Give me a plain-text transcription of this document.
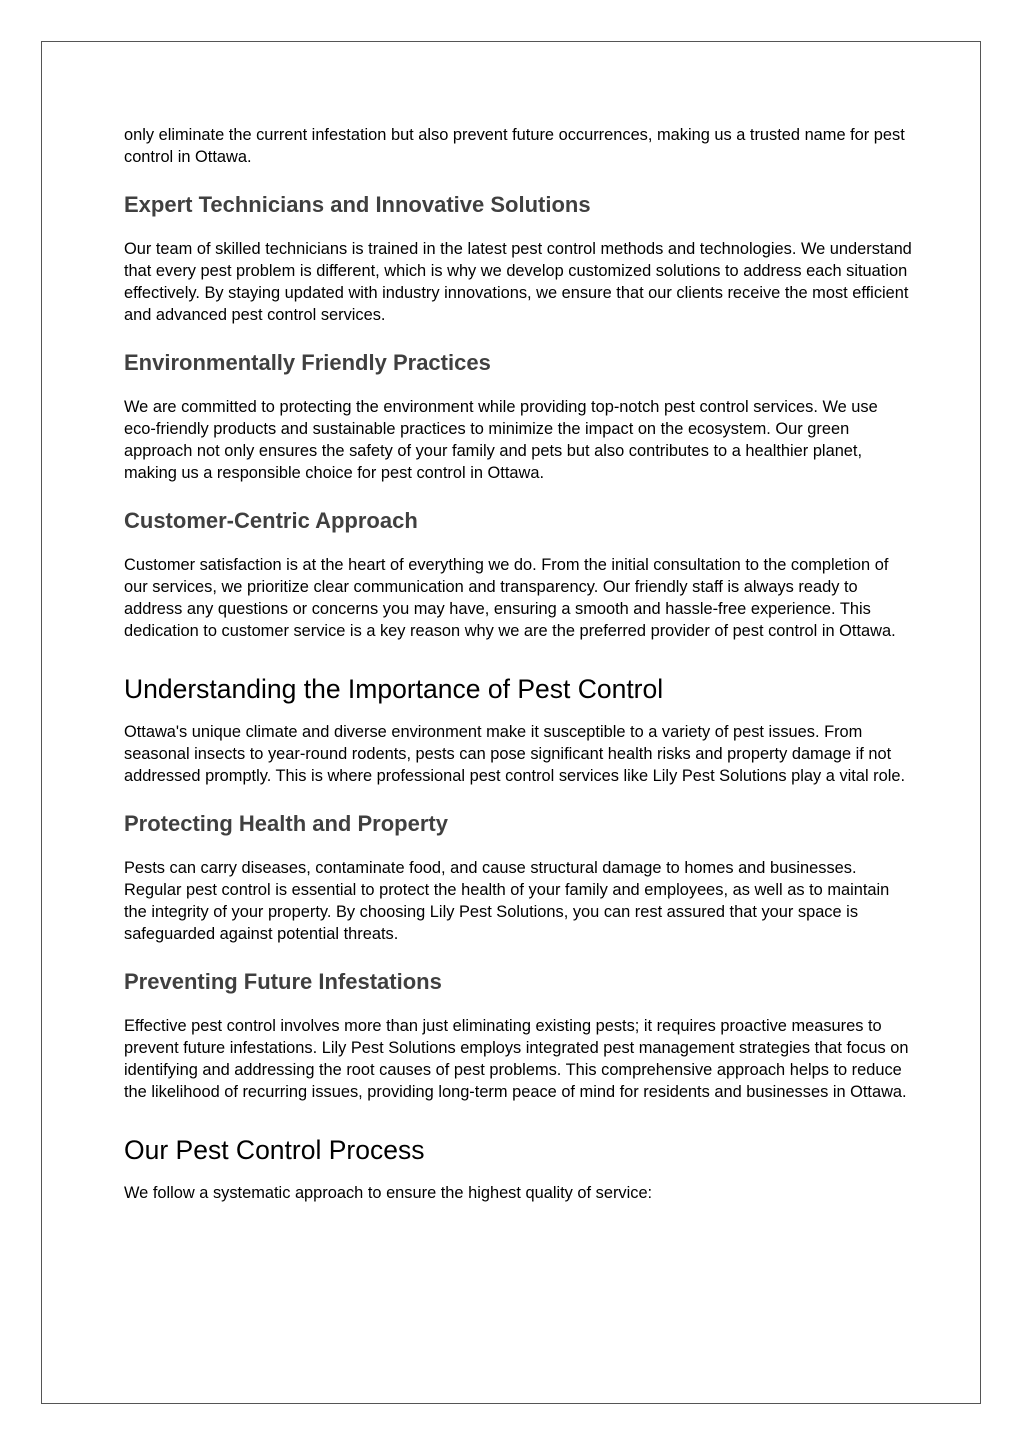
only eliminate the current infestation but also prevent future occurrences, making us a trusted name for pest control in Ottawa.

Expert Technicians and Innovative Solutions

Our team of skilled technicians is trained in the latest pest control methods and technologies. We understand that every pest problem is different, which is why we develop customized solutions to address each situation effectively. By staying updated with industry innovations, we ensure that our clients receive the most efficient and advanced pest control services.

Environmentally Friendly Practices

We are committed to protecting the environment while providing top-notch pest control services. We use eco-friendly products and sustainable practices to minimize the impact on the ecosystem. Our green approach not only ensures the safety of your family and pets but also contributes to a healthier planet, making us a responsible choice for pest control in Ottawa.

Customer-Centric Approach

Customer satisfaction is at the heart of everything we do. From the initial consultation to the completion of our services, we prioritize clear communication and transparency. Our friendly staff is always ready to address any questions or concerns you may have, ensuring a smooth and hassle-free experience. This dedication to customer service is a key reason why we are the preferred provider of pest control in Ottawa.

Understanding the Importance of Pest Control

Ottawa's unique climate and diverse environment make it susceptible to a variety of pest issues. From seasonal insects to year-round rodents, pests can pose significant health risks and property damage if not addressed promptly. This is where professional pest control services like Lily Pest Solutions play a vital role.

Protecting Health and Property

Pests can carry diseases, contaminate food, and cause structural damage to homes and businesses. Regular pest control is essential to protect the health of your family and employees, as well as to maintain the integrity of your property. By choosing Lily Pest Solutions, you can rest assured that your space is safeguarded against potential threats.

Preventing Future Infestations

Effective pest control involves more than just eliminating existing pests; it requires proactive measures to prevent future infestations. Lily Pest Solutions employs integrated pest management strategies that focus on identifying and addressing the root causes of pest problems. This comprehensive approach helps to reduce the likelihood of recurring issues, providing long-term peace of mind for residents and businesses in Ottawa.

Our Pest Control Process

We follow a systematic approach to ensure the highest quality of service:
